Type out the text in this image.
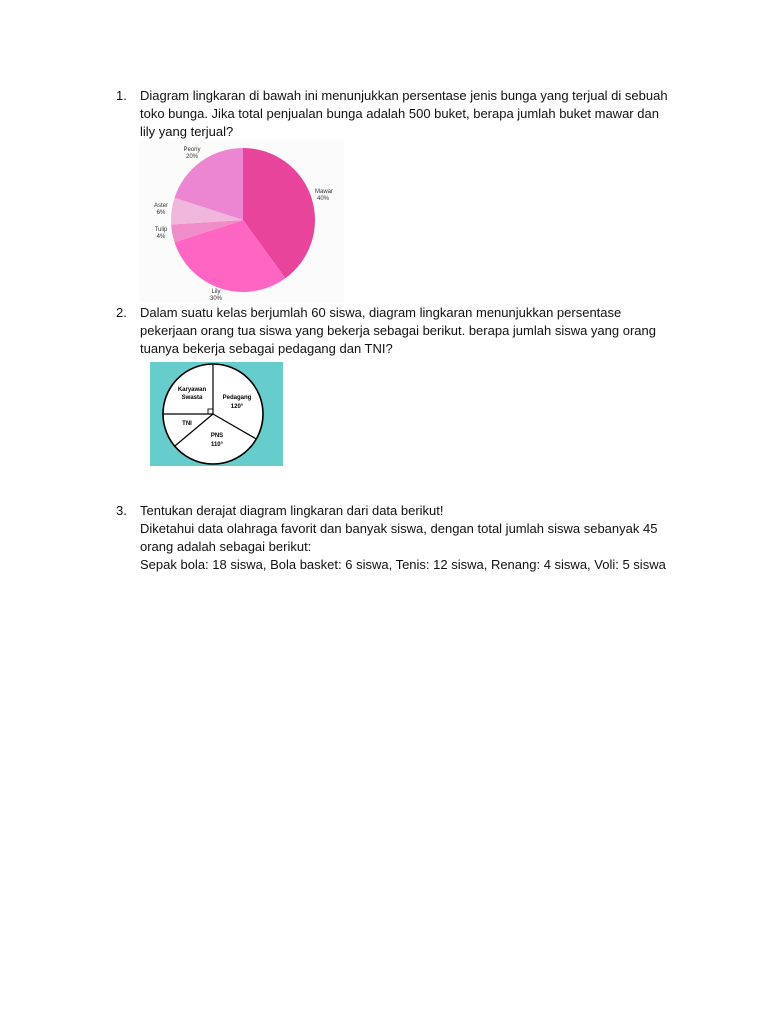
1. Diagram lingkaran di bawah ini menunjukkan persentase jenis bunga yang terjual di sebuah

toko bunga. Jika total penjualan bunga adalah 500 buket, berapa jumlah buket mawar dan

lily yang terjual?

Mawar
40%
Lily
30%
Tulip
4%
Aster
6%
Peony
20%
2. Dalam suatu kelas berjumlah 60 siswa, diagram lingkaran menunjukkan persentase

pekerjaan orang tua siswa yang bekerja sebagai berikut. berapa jumlah siswa yang orang

tuanya bekerja sebagai pedagang dan TNI?

Pedagang
120°
PNS
110°
TNI
Karyawan
Swasta
3. Tentukan derajat diagram lingkaran dari data berikut!

Diketahui data olahraga favorit dan banyak siswa, dengan total jumlah siswa sebanyak 45

orang adalah sebagai berikut:

Sepak bola: 18 siswa, Bola basket: 6 siswa, Tenis: 12 siswa, Renang: 4 siswa, Voli: 5 siswa
